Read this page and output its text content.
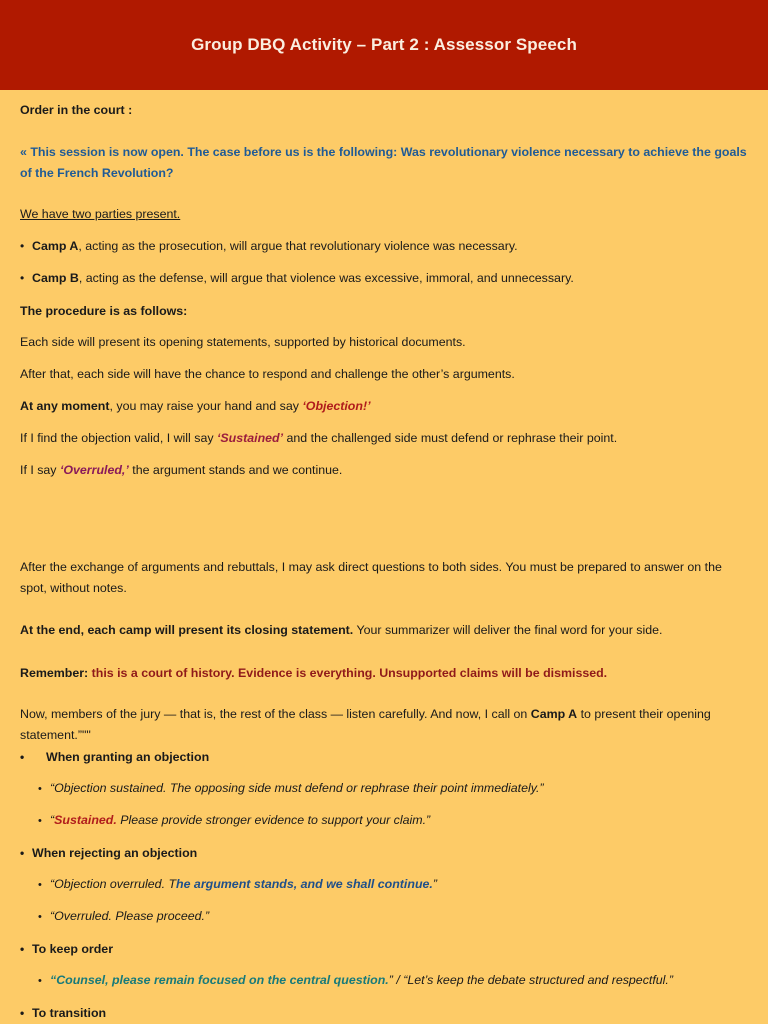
Group DBQ Activity – Part 2 : Assessor Speech

Order in the court :

« This session is now open. The case before us is the following: Was revolutionary violence necessary to achieve the goals of the French Revolution?

We have two parties present.

• Camp A, acting as the prosecution, will argue that revolutionary violence was necessary.

• Camp B, acting as the defense, will argue that violence was excessive, immoral, and unnecessary.

The procedure is as follows:

Each side will present its opening statements, supported by historical documents.

After that, each side will have the chance to respond and challenge the other’s arguments.

At any moment, you may raise your hand and say ‘Objection!’

If I find the objection valid, I will say ‘Sustained’ and the challenged side must defend or rephrase their point.

If I say ‘Overruled,’ the argument stands and we continue.

After the exchange of arguments and rebuttals, I may ask direct questions to both sides. You must be prepared to answer on the spot, without notes.

At the end, each camp will present its closing statement. Your summarizer will deliver the final word for your side.

Remember: this is a court of history. Evidence is everything. Unsupported claims will be dismissed.

Now, members of the jury — that is, the rest of the class — listen carefully. And now, I call on Camp A to present their opening statement.”""

• When granting an objection

• “Objection sustained. The opposing side must defend or rephrase their point immediately.”

• “Sustained. Please provide stronger evidence to support your claim.”

• When rejecting an objection

• “Objection overruled. The argument stands, and we shall continue.”

• “Overruled. Please proceed.”

• To keep order

• “Counsel, please remain focused on the central question.” / “Let’s keep the debate structured and respectful.”

• To transition
